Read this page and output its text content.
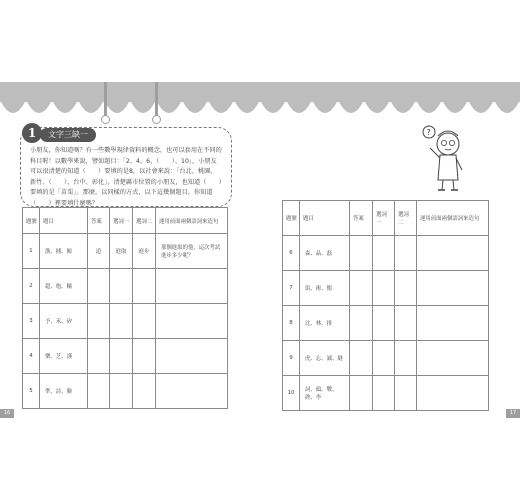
1	文字三缺一
小朋友，你知道嗎？有一些數學規律資料的概念，也可以套用在不同的科目喔！以數學來說，譬如題目：「2、4、6、（　　）、10」，小朋友可以很清楚的知道（　　）要填的是8，以社會來說：「台北、桃園、新竹、（　　）、台中、彰化」，清楚縣市位置的小朋友，也知道（　　）要填的是「苗栗」。那麼，以同樣的方式，以下這幾個題目，你知道（　　）裡要填什麼嗎？
?
題號	題目	答案	選詞一	選詞二	運用前面兩個語詞來造句
1	漁、捕、鯨	道	進取	進步	那個進取的他，這次考試進步多少呢？
2	超、炮、輪				
3	予、禾、矽				
4	樂、芝、謹				
5	準、詩、臉				
題號	題目	答案	選詞一	選詞二	運用前面兩個語詞來造句
6	森、晶、磊				
7	街、術、衛				
8	比、林、排				
9	虎、忘、誠、縫				
10	詞、頭、戰、熟、李				
16	17
